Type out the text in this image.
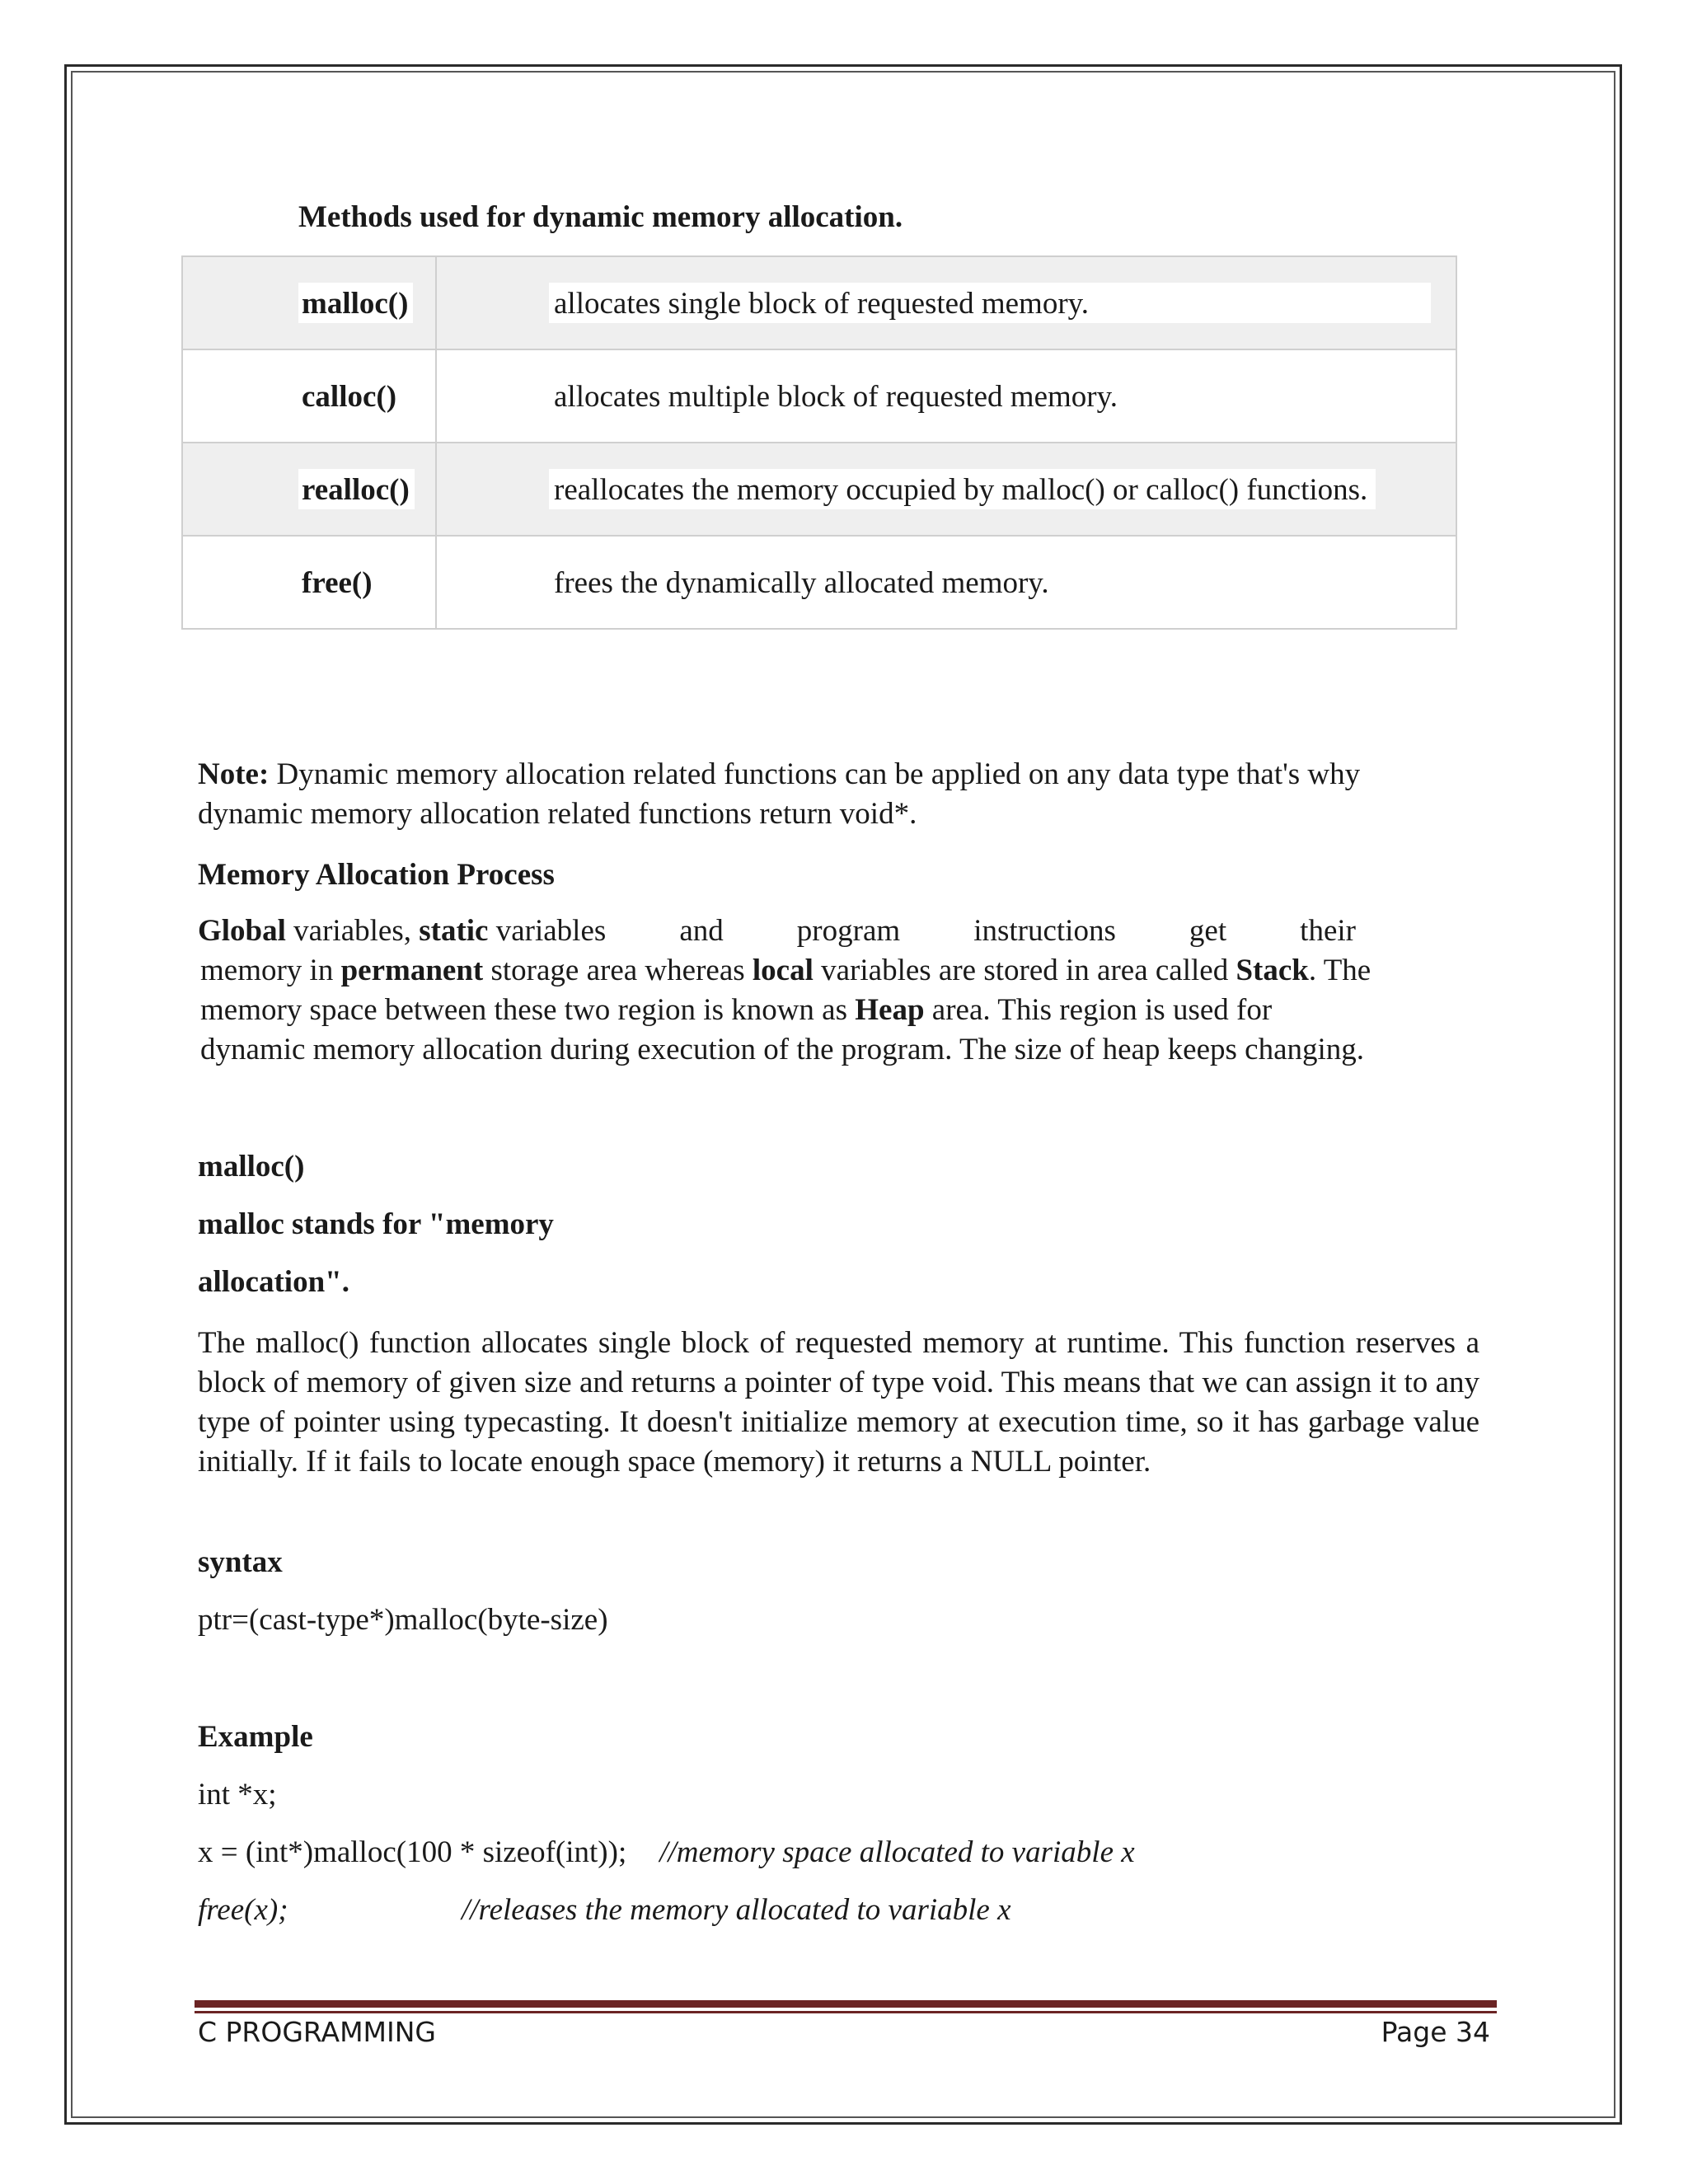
Methods used for dynamic memory allocation.
malloc()	allocates single block of requested memory.
calloc()	allocates multiple block of requested memory.
realloc()	reallocates the memory occupied by malloc() or calloc() functions.
free()	frees the dynamically allocated memory.
Note: Dynamic memory allocation related functions can be applied on any data type that's why
dynamic memory allocation related functions return void*.
Memory Allocation Process
Global variables, static variables and program instructions get their
memory in permanent storage area whereas local variables are stored in area called Stack. The
memory space between these two region is known as Heap area. This region is used for
dynamic memory allocation during execution of the program. The size of heap keeps changing.
malloc()
malloc stands for "memory
allocation".
The malloc() function allocates single block of requested memory at runtime. This function reserves a block of memory of given size and returns a pointer of type void. This means that we can assign it to any type of pointer using typecasting. It doesn't initialize memory at execution time, so it has garbage value initially. If it fails to locate enough space (memory) it returns a NULL pointer.
syntax
ptr=(cast-type*)malloc(byte-size)
Example
int *x;
x = (int*)malloc(100 * sizeof(int)); //memory space allocated to variable x
free(x);	//releases the memory allocated to variable x
C PROGRAMMING	Page 34
